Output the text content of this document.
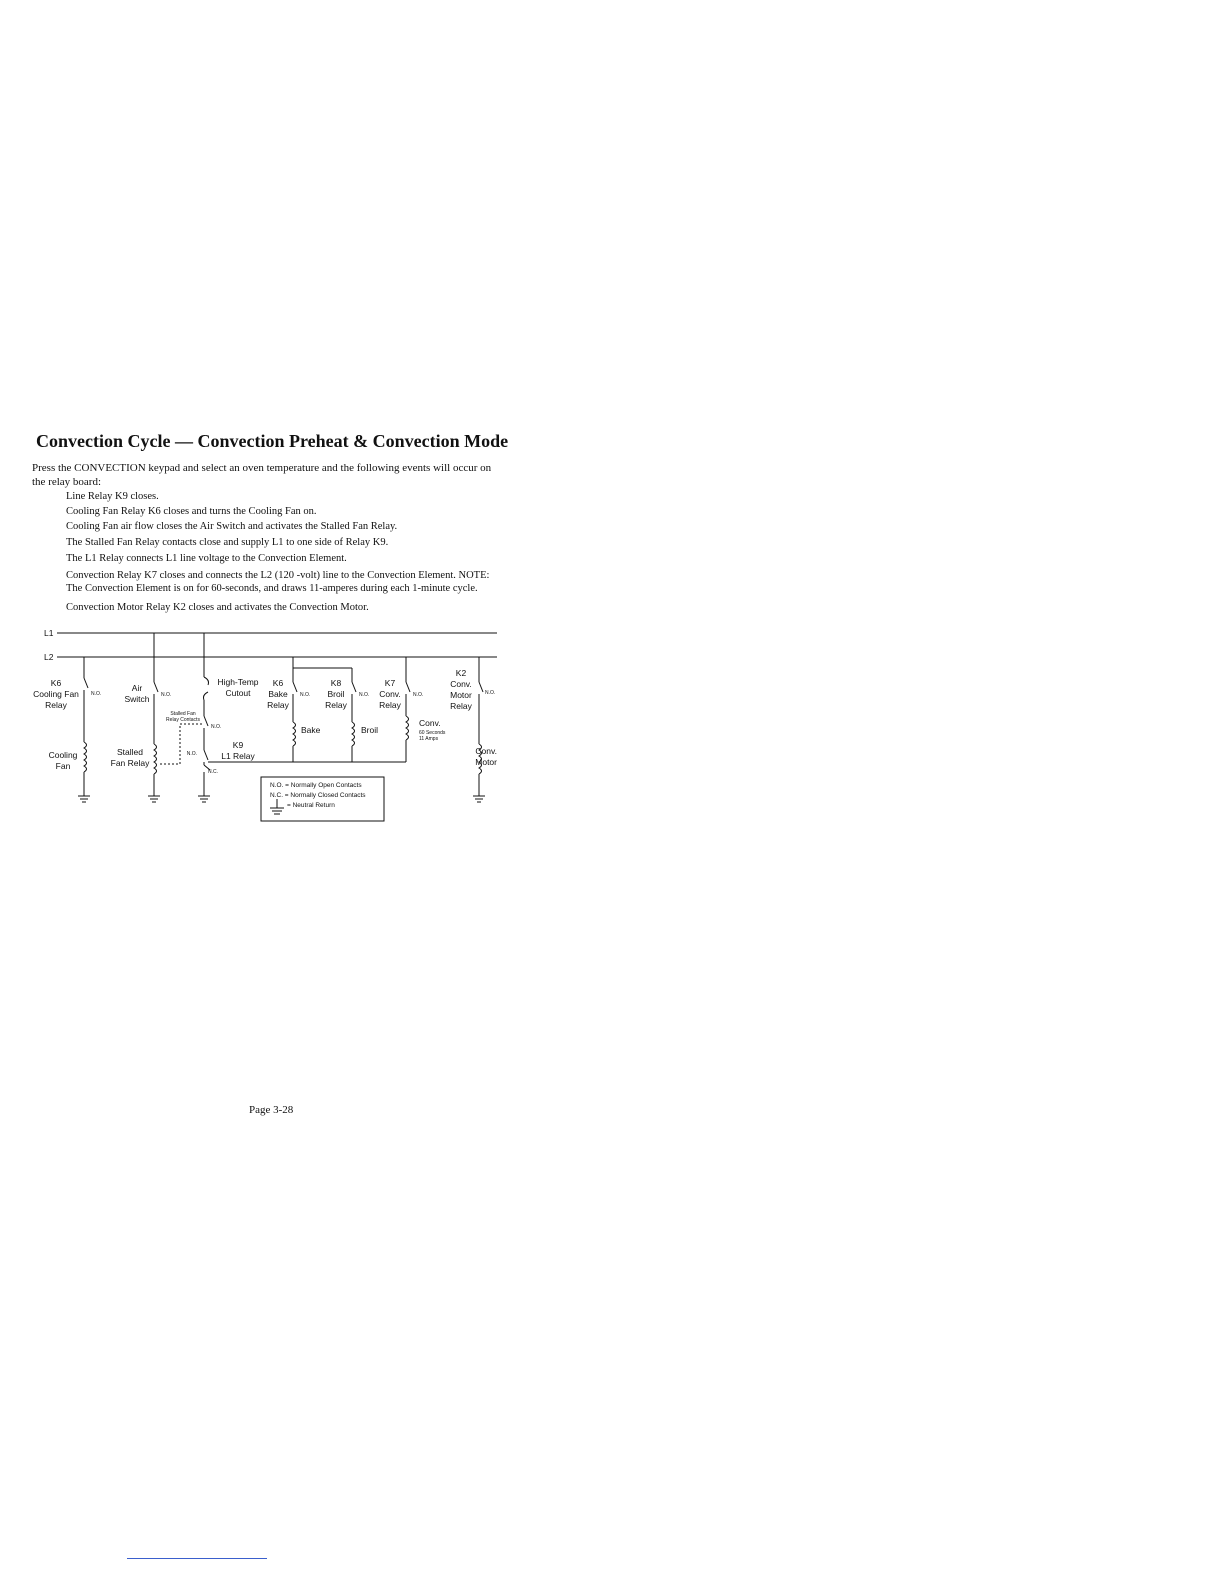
Convection Cycle — Convection Preheat & Convection Mode
Press the CONVECTION keypad and select an oven temperature and the following events will occur on
the relay board:
• Line Relay K9 closes.
• Cooling Fan Relay K6 closes and turns the Cooling Fan on.
• Cooling Fan air flow closes the Air Switch and activates the Stalled Fan Relay.
• The Stalled Fan Relay contacts close and supply L1 to one side of Relay K9.
• The L1 Relay connects L1 line voltage to the Convection Element.
• Convection Relay K7 closes and connects the L2 (120 -volt) line to the Convection Element. NOTE:
The Convection Element is on for 60-seconds, and draws 11-amperes during each 1-minute cycle.
• Convection Motor Relay K2 closes and activates the Convection Motor.
L1
L2
K6
Cooling Fan
Relay
Air
Switch
High-Temp
Cutout
K6
Bake
Relay
K8
Broil
Relay
K7
Conv.
Relay
K2
Conv.
Motor
Relay
K9
L1 Relay
Cooling
Fan
Stalled
Fan Relay
Bake	Broil
Conv.
Conv.
Motor
N.O.	N.O.	N.O.	N.O.	N.O.	N.O.
N.O.
N.O.
N.C.
Stalled Fan
Relay Contacts
60 Seconds
11 Amps
N.O. = Normally Open Contacts
N.C. = Normally Closed Contacts
= Neutral Return
Page 3-28
